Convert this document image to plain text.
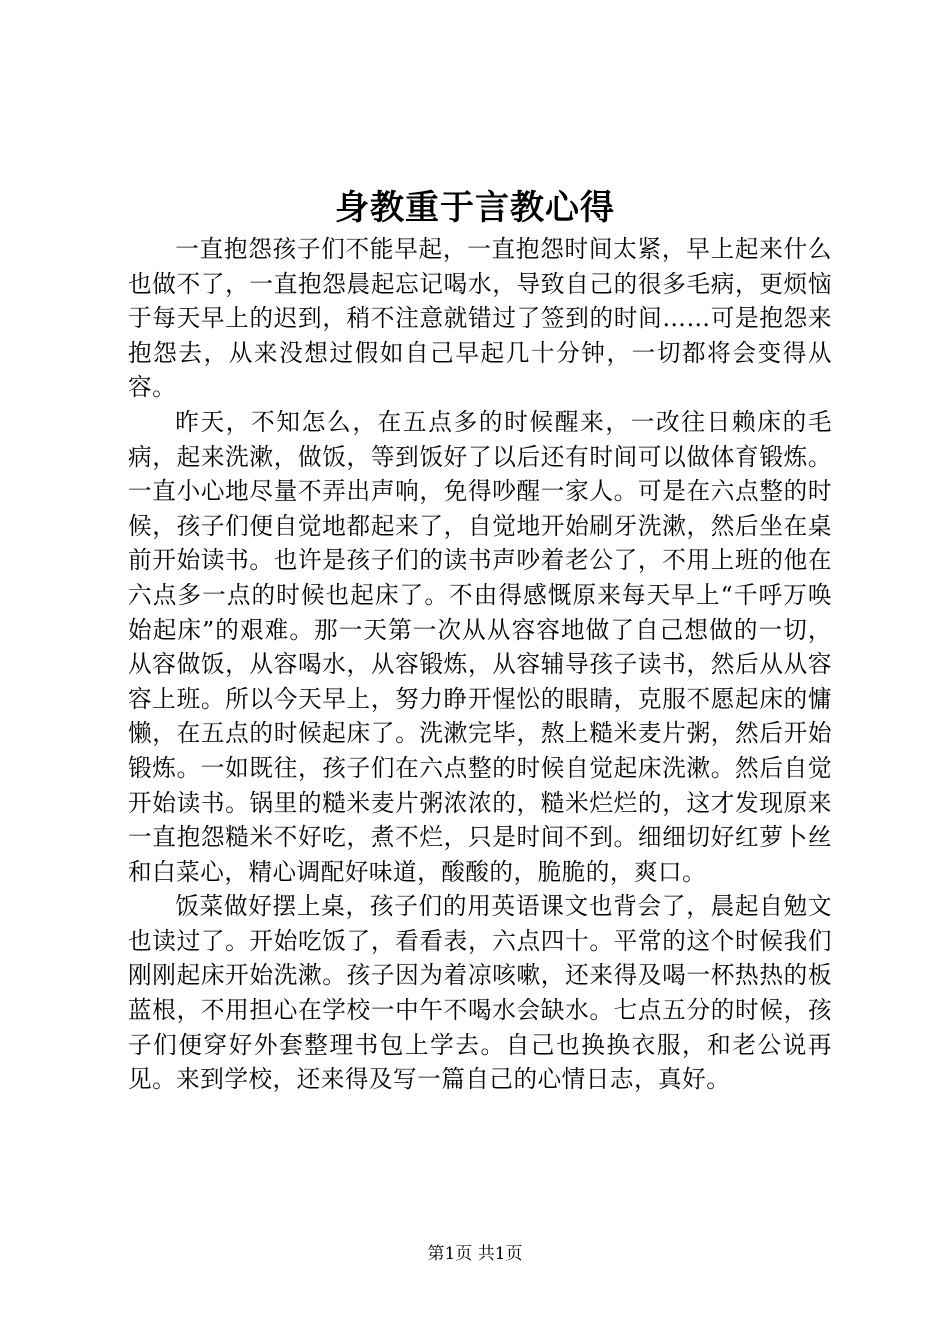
身教重于言教心得

一直抱怨孩子们不能早起，一直抱怨时间太紧，早上起来什么也做不了，一直抱怨晨起忘记喝水，导致自己的很多毛病，更烦恼于每天早上的迟到，稍不注意就错过了签到的时间……可是抱怨来抱怨去，从来没想过假如自己早起几十分钟，一切都将会变得从容。

昨天，不知怎么，在五点多的时候醒来，一改往日赖床的毛病，起来洗漱，做饭，等到饭好了以后还有时间可以做体育锻炼。一直小心地尽量不弄出声响，免得吵醒一家人。可是在六点整的时候，孩子们便自觉地都起来了，自觉地开始刷牙洗漱，然后坐在桌前开始读书。也许是孩子们的读书声吵着老公了，不用上班的他在六点多一点的时候也起床了。不由得感慨原来每天早上“千呼万唤始起床”的艰难。那一天第一次从从容容地做了自己想做的一切，从容做饭，从容喝水，从容锻炼，从容辅导孩子读书，然后从从容容上班。所以今天早上，努力睁开惺忪的眼睛，克服不愿起床的慵懒，在五点的时候起床了。洗漱完毕，熬上糙米麦片粥，然后开始锻炼。一如既往，孩子们在六点整的时候自觉起床洗漱。然后自觉开始读书。锅里的糙米麦片粥浓浓的，糙米烂烂的，这才发现原来一直抱怨糙米不好吃，煮不烂，只是时间不到。细细切好红萝卜丝和白菜心，精心调配好味道，酸酸的，脆脆的，爽口。

饭菜做好摆上桌，孩子们的用英语课文也背会了，晨起自勉文也读过了。开始吃饭了，看看表，六点四十。平常的这个时候我们刚刚起床开始洗漱。孩子因为着凉咳嗽，还来得及喝一杯热热的板蓝根，不用担心在学校一中午不喝水会缺水。七点五分的时候，孩子们便穿好外套整理书包上学去。自己也换换衣服，和老公说再见。来到学校，还来得及写一篇自己的心情日志，真好。

第1页 共1页
